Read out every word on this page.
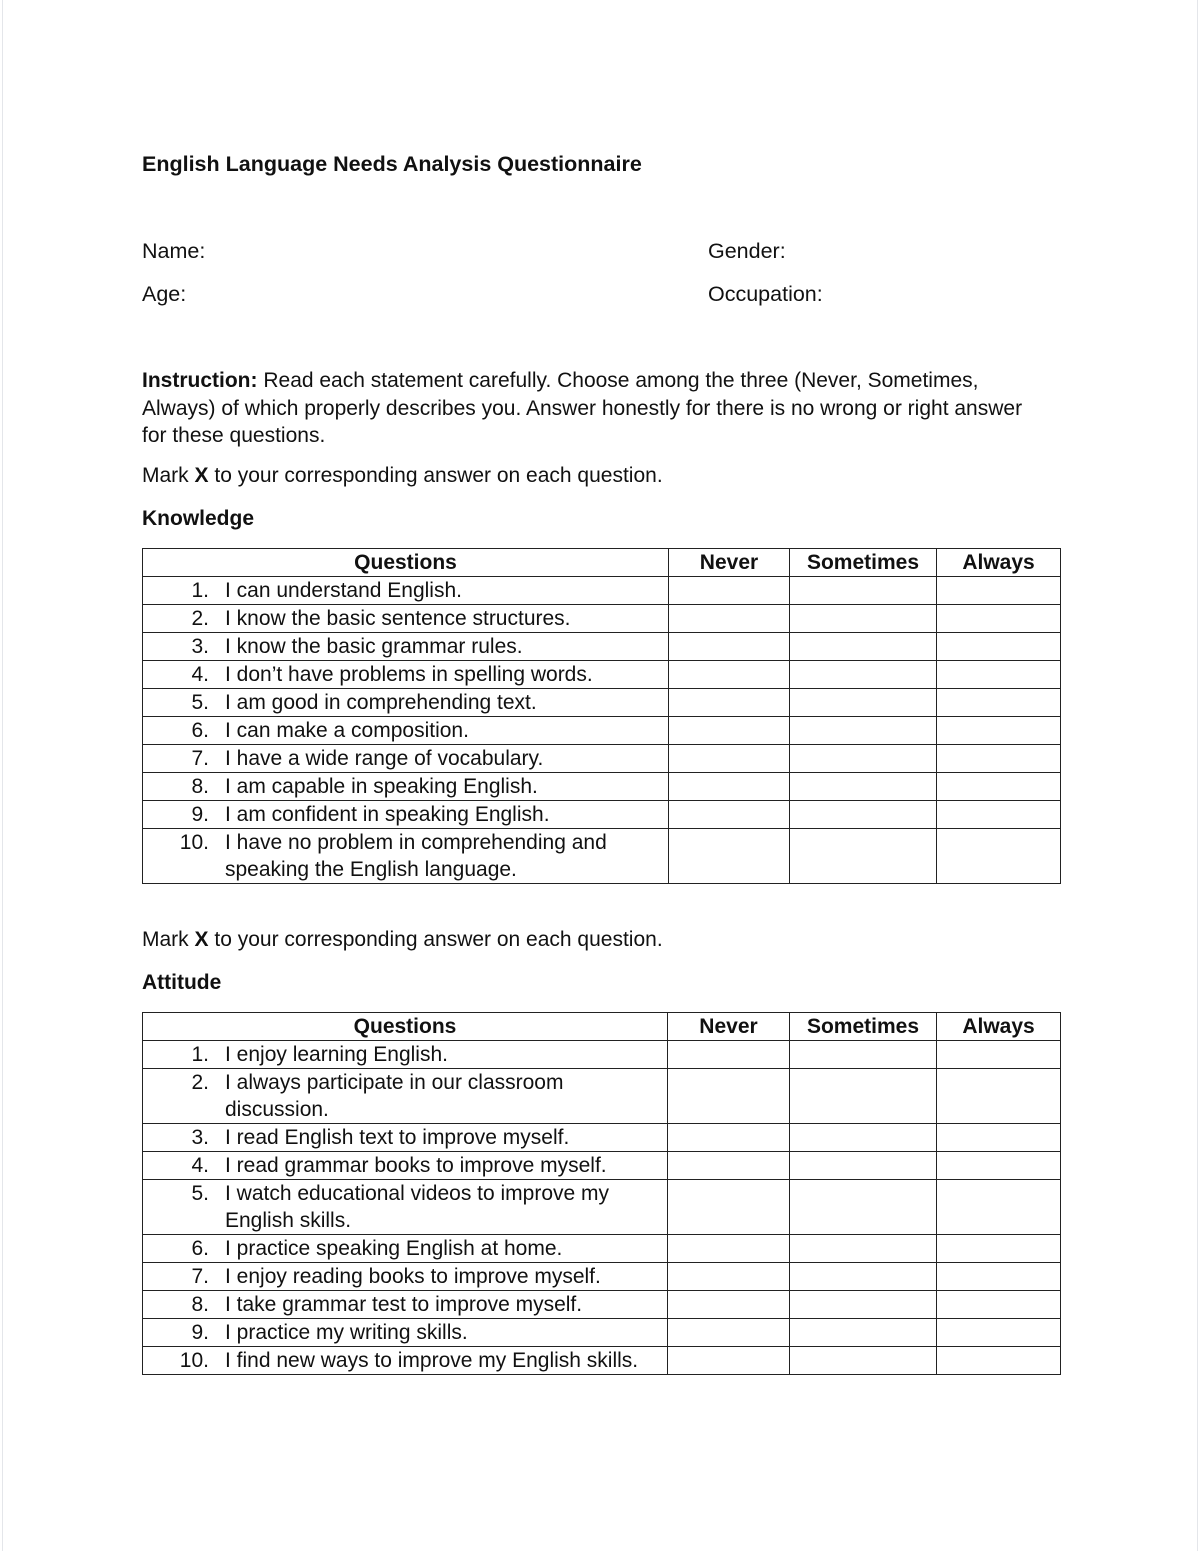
English Language Needs Analysis Questionnaire
Name:	Gender:
Age:	Occupation:
Instruction: Read each statement carefully. Choose among the three (Never, Sometimes, Always) of which properly describes you. Answer honestly for there is no wrong or right answer for these questions.
Mark X to your corresponding answer on each question.
Knowledge
Questions	Never	Sometimes	Always

1. I can understand English.			

2. I know the basic sentence structures.			

3. I know the basic grammar rules.			

4. I don’t have problems in spelling words.			

5. I am good in comprehending text.			

6. I can make a composition.			

7. I have a wide range of vocabulary.			

8. I am capable in speaking English.			

9. I am confident in speaking English.			

10. I have no problem in comprehending and speaking the English language.			

Mark X to your corresponding answer on each question.
Attitude
Questions	Never	Sometimes	Always

1. I enjoy learning English.			

2. I always participate in our classroom discussion.			

3. I read English text to improve myself.			

4. I read grammar books to improve myself.			

5. I watch educational videos to improve my English skills.			

6. I practice speaking English at home.			

7. I enjoy reading books to improve myself.			

8. I take grammar test to improve myself.			

9. I practice my writing skills.			

10. I find new ways to improve my English skills.			
